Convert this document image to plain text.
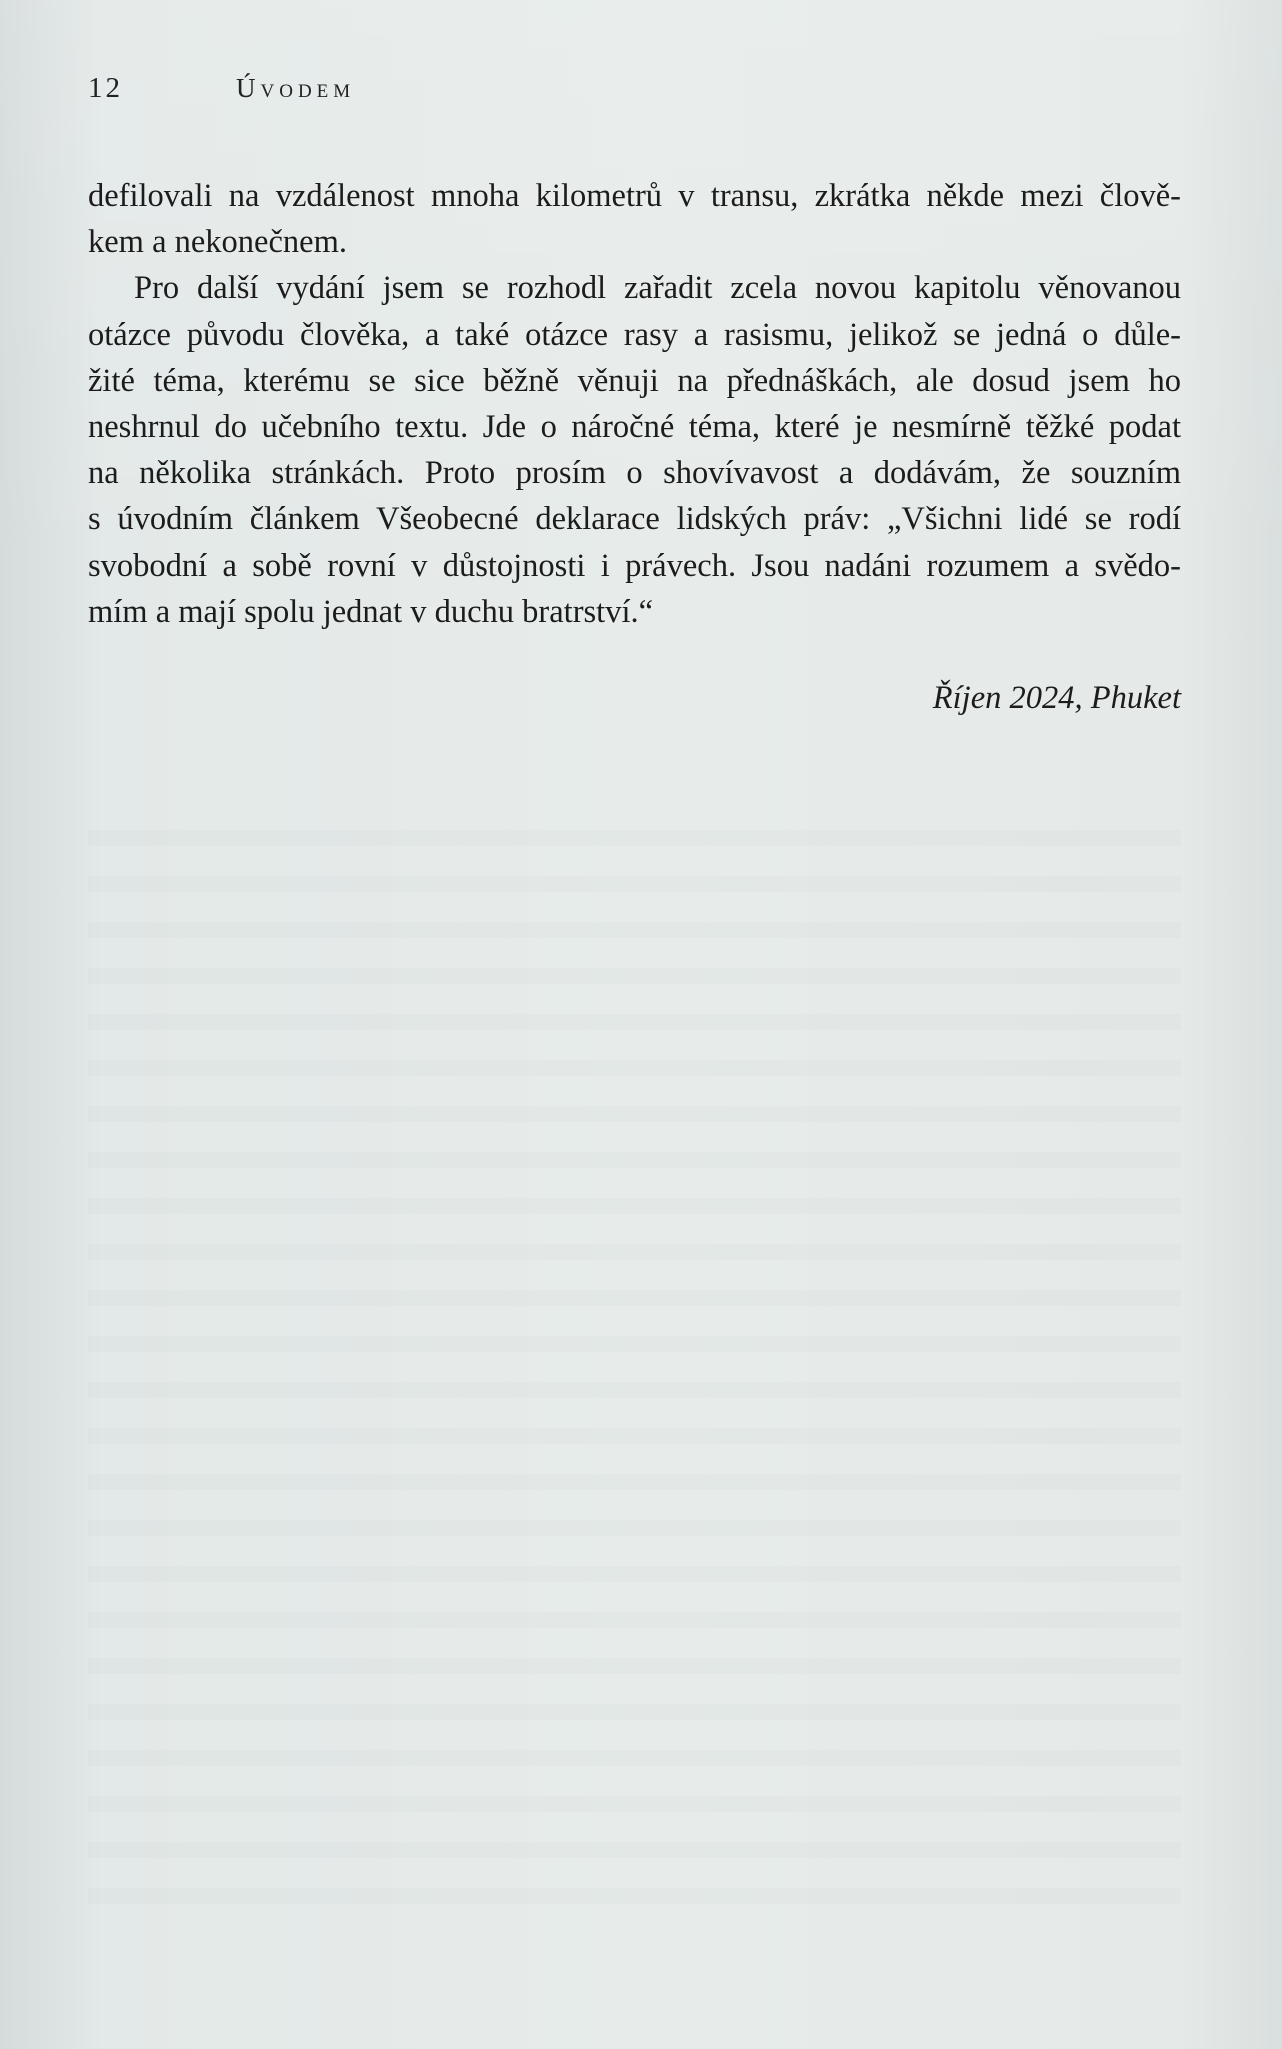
12	Úvodem

defilovali na vzdálenost mnoha kilometrů v transu, zkrátka někde mezi člově-
kem a nekonečnem.

Pro další vydání jsem se rozhodl zařadit zcela novou kapitolu věnovanou
otázce původu člověka, a také otázce rasy a rasismu, jelikož se jedná o důle-
žité téma, kterému se sice běžně věnuji na přednáškách, ale dosud jsem ho
neshrnul do učebního textu. Jde o náročné téma, které je nesmírně těžké podat
na několika stránkách. Proto prosím o shovívavost a dodávám, že souzním
s úvodním článkem Všeobecné deklarace lidských práv: „Všichni lidé se rodí
svobodní a sobě rovní v důstojnosti i právech. Jsou nadáni rozumem a svědo-
mím a mají spolu jednat v duchu bratrství.“

Říjen 2024, Phuket
